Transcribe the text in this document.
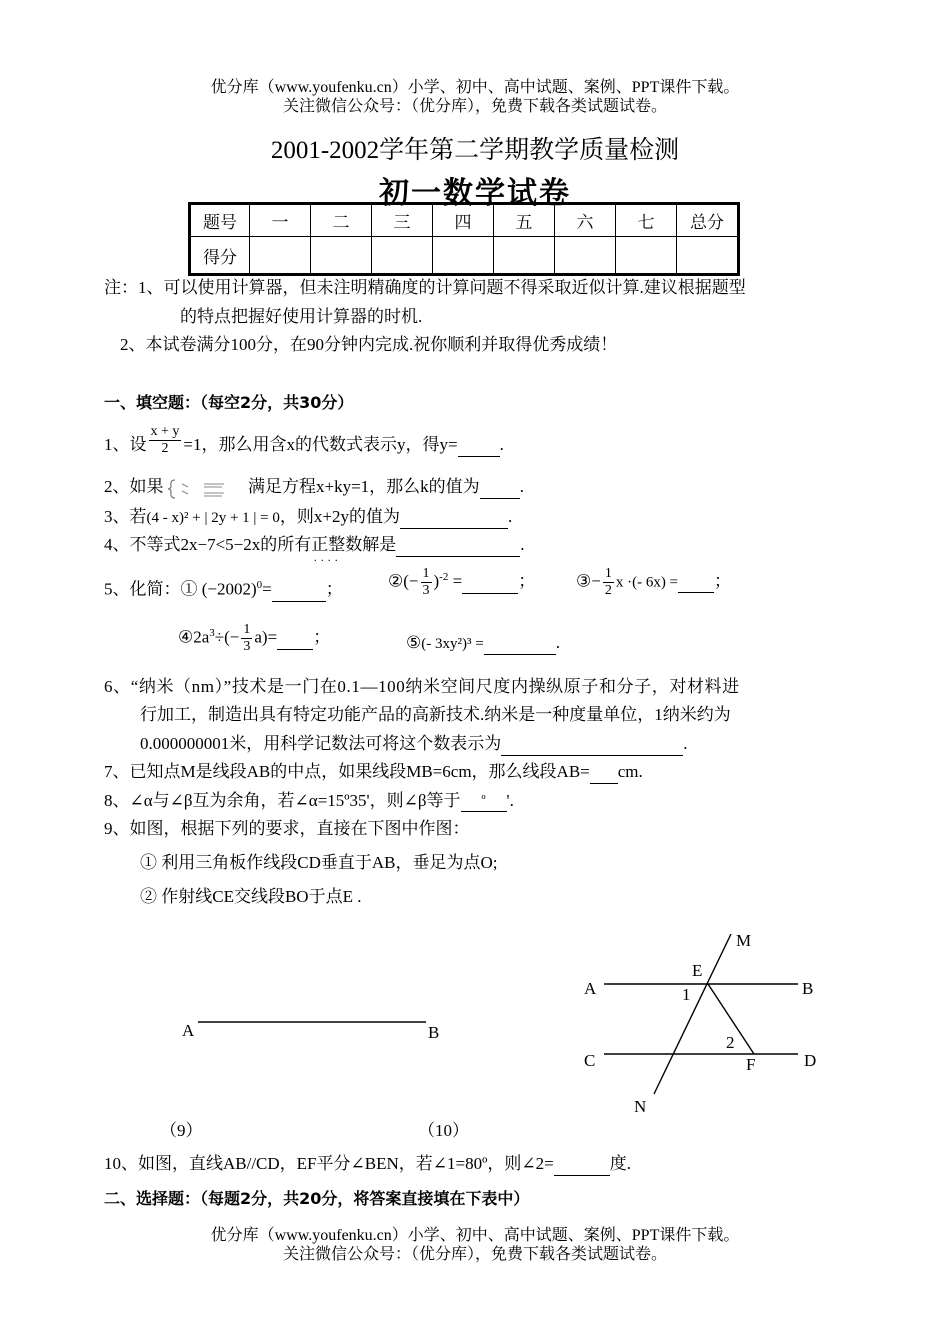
优分库（www.youfenku.cn）小学、初中、高中试题、案例、PPT课件下载。
关注微信公众号：（优分库），免费下载各类试题试卷。
2001-2002学年第二学期教学质量检测
初一数学试卷
题号	一	二	三	四	五	六	七	总分
得分								
注：1、可以使用计算器，但未注明精确度的计算问题不得采取近似计算.建议根据题型
的特点把握好使用计算器的时机.
2、本试卷满分100分，在90分钟内完成.祝你顺利并取得优秀成绩！
一、填空题：（每空2分，共30分）
1、设 $\frac{x + y}{2} =1$，那么用含x的代数式表示y，得y= .
2、如果	满足方程x+ky=1，那么k的值为 .
3、若(4 - x)² + | 2y + 1 | = 0，则x+2y的值为	.
4、不等式2x−7<5−2x的所有正整数 · · · ·解是	.
5、化简：① $(-2002)^0=$	；	②(− $\frac{1}{3} )^{-2}$ =	； ③− $\frac{1}{2}$ x ·(- 6x) = ；
$④2a^3\div(- \frac{1}{3} a)=$ ；	⑤(- 3xy²)³ =	.
6、“纳米（nm）”技术是一门在0.1—100纳米空间尺度内操纵原子和分子，对材料进
行加工，制造出具有特定功能产品的高新技术.纳米是一种度量单位，1纳米约为
0.000000001米，用科学记数法可将这个数表示为	.
7、已知点M是线段AB的中点，如果线段MB=6cm，那么线段AB= cm.
8、∠α与∠β互为余角，若∠α=15º35'，则∠β等于 º '.
9、如图，根据下列的要求，直接在下图中作图：
① 利用三角板作线段CD垂直于AB，垂足为点O;
② 作射线CE交线段BO于点E .
A	B
（9）	（10）
M
E
A	B
1
C	D
2
F
N
10、如图，直线AB//CD，EF平分∠BEN，若∠1=80º，则∠2=	度.
二、选择题：（每题2分，共20分，将答案直接填在下表中）
优分库（www.youfenku.cn）小学、初中、高中试题、案例、PPT课件下载。
关注微信公众号：（优分库），免费下载各类试题试卷。
